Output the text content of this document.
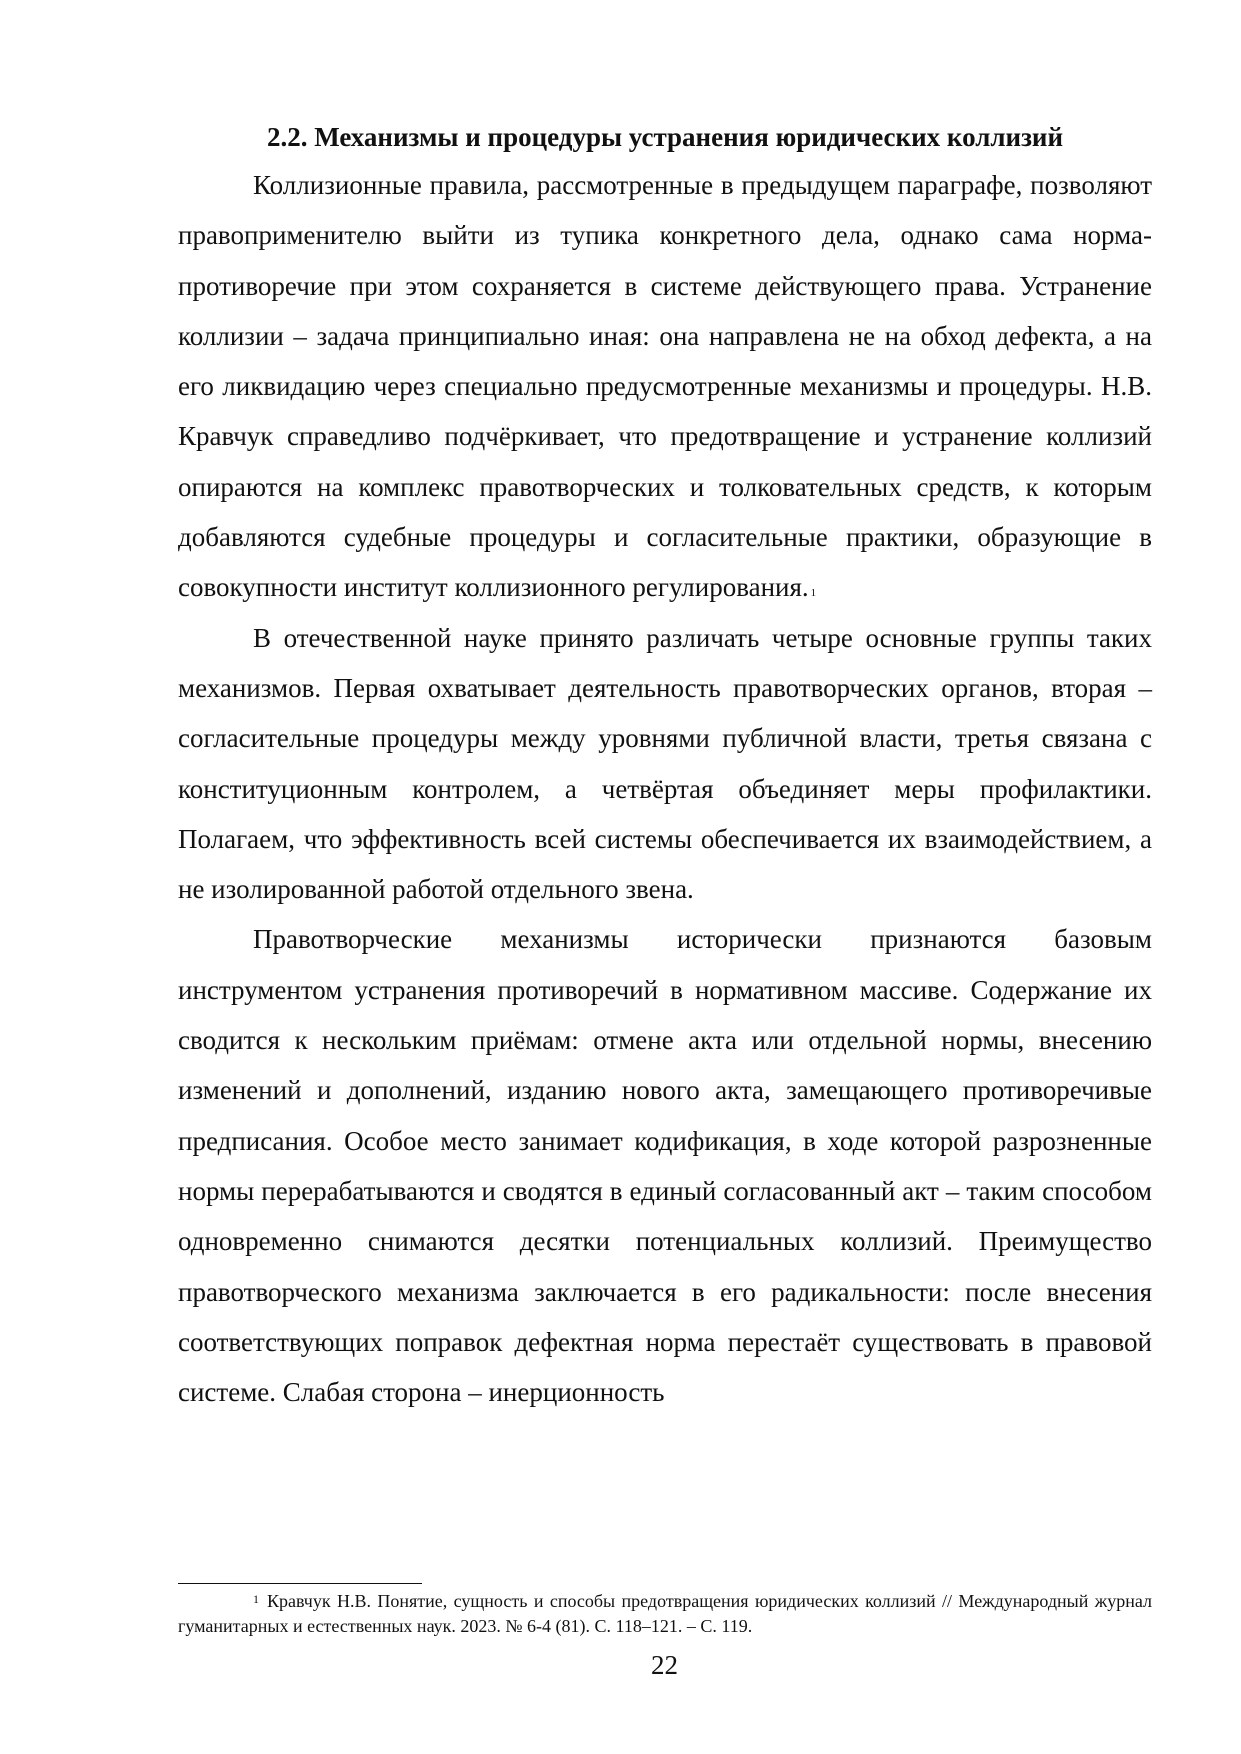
2.2. Механизмы и процедуры устранения юридических коллизий

Коллизионные правила, рассмотренные в предыдущем параграфе, позволяют правоприменителю выйти из тупика конкретного дела, однако сама норма-противоречие при этом сохраняется в системе действующего права. Устранение коллизии – задача принципиально иная: она направлена не на обход дефекта, а на его ликвидацию через специально предусмотренные механизмы и процедуры. Н.В. Кравчук справедливо подчёркивает, что предотвращение и устранение коллизий опираются на комплекс правотворческих и толковательных средств, к которым добавляются судебные процедуры и согласительные практики, образующие в совокупности институт коллизионного регулирования. $^1$

В отечественной науке принято различать четыре основные группы таких механизмов. Первая охватывает деятельность правотворческих органов, вторая – согласительные процедуры между уровнями публичной власти, третья связана с конституционным контролем, а четвёртая объединяет меры профилактики. Полагаем, что эффективность всей системы обеспечивается их взаимодействием, а не изолированной работой отдельного звена.

Правотворческие механизмы исторически признаются базовым инструментом устранения противоречий в нормативном массиве. Содержание их сводится к нескольким приёмам: отмене акта или отдельной нормы, внесению изменений и дополнений, изданию нового акта, замещающего противоречивые предписания. Особое место занимает кодификация, в ходе которой разрозненные нормы перерабатываются и сводятся в единый согласованный акт – таким способом одновременно снимаются десятки потенциальных коллизий. Преимущество правотворческого механизма заключается в его радикальности: после внесения соответствующих поправок дефектная норма перестаёт существовать в правовой системе. Слабая сторона – инерционность

$^1$ Кравчук Н.В. Понятие, сущность и способы предотвращения юридических коллизий // Международный журнал гуманитарных и естественных наук. 2023. № 6-4 (81). С. 118–121. – С. 119.

22
